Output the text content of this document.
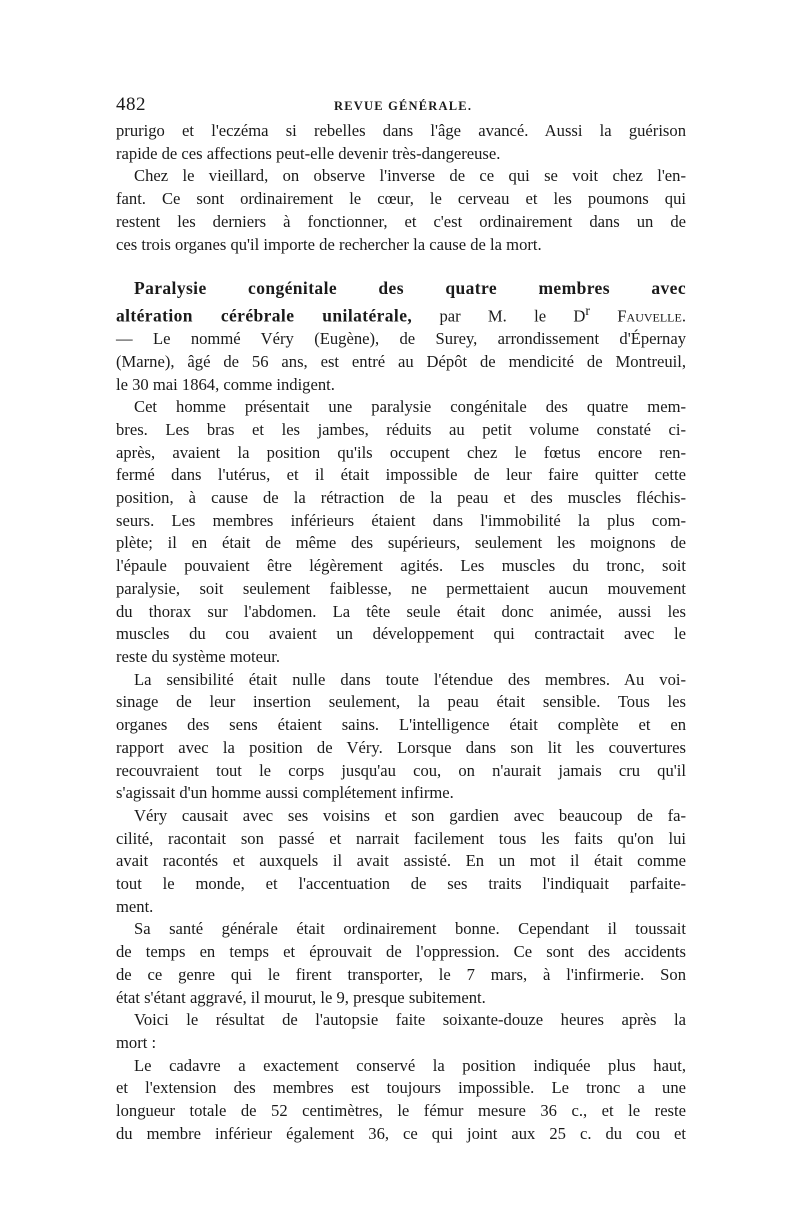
482	REVUE GÉNÉRALE.
prurigo et l'eczéma si rebelles dans l'âge avancé. Aussi la guérison
rapide de ces affections peut-elle devenir très-dangereuse.
Chez le vieillard, on observe l'inverse de ce qui se voit chez l'en-
fant. Ce sont ordinairement le cœur, le cerveau et les poumons qui
restent les derniers à fonctionner, et c'est ordinairement dans un de
ces trois organes qu'il importe de rechercher la cause de la mort.
Paralysie congénitale des quatre membres avec
altération cérébrale unilatérale, par M. le $D^r$ Fauvelle.
— Le nommé Véry (Eugène), de Surey, arrondissement d'Épernay
(Marne), âgé de 56 ans, est entré au Dépôt de mendicité de Montreuil,
le 30 mai 1864, comme indigent.
Cet homme présentait une paralysie congénitale des quatre mem-
bres. Les bras et les jambes, réduits au petit volume constaté ci-
après, avaient la position qu'ils occupent chez le fœtus encore ren-
fermé dans l'utérus, et il était impossible de leur faire quitter cette
position, à cause de la rétraction de la peau et des muscles fléchis-
seurs. Les membres inférieurs étaient dans l'immobilité la plus com-
plète; il en était de même des supérieurs, seulement les moignons de
l'épaule pouvaient être légèrement agités. Les muscles du tronc, soit
paralysie, soit seulement faiblesse, ne permettaient aucun mouvement
du thorax sur l'abdomen. La tête seule était donc animée, aussi les
muscles du cou avaient un développement qui contractait avec le
reste du système moteur.
La sensibilité était nulle dans toute l'étendue des membres. Au voi-
sinage de leur insertion seulement, la peau était sensible. Tous les
organes des sens étaient sains. L'intelligence était complète et en
rapport avec la position de Véry. Lorsque dans son lit les couvertures
recouvraient tout le corps jusqu'au cou, on n'aurait jamais cru qu'il
s'agissait d'un homme aussi complétement infirme.
Véry causait avec ses voisins et son gardien avec beaucoup de fa-
cilité, racontait son passé et narrait facilement tous les faits qu'on lui
avait racontés et auxquels il avait assisté. En un mot il était comme
tout le monde, et l'accentuation de ses traits l'indiquait parfaite-
ment.
Sa santé générale était ordinairement bonne. Cependant il toussait
de temps en temps et éprouvait de l'oppression. Ce sont des accidents
de ce genre qui le firent transporter, le 7 mars, à l'infirmerie. Son
état s'étant aggravé, il mourut, le 9, presque subitement.
Voici le résultat de l'autopsie faite soixante-douze heures après la
mort :
Le cadavre a exactement conservé la position indiquée plus haut,
et l'extension des membres est toujours impossible. Le tronc a une
longueur totale de 52 centimètres, le fémur mesure 36 c., et le reste
du membre inférieur également 36, ce qui joint aux 25 c. du cou et
